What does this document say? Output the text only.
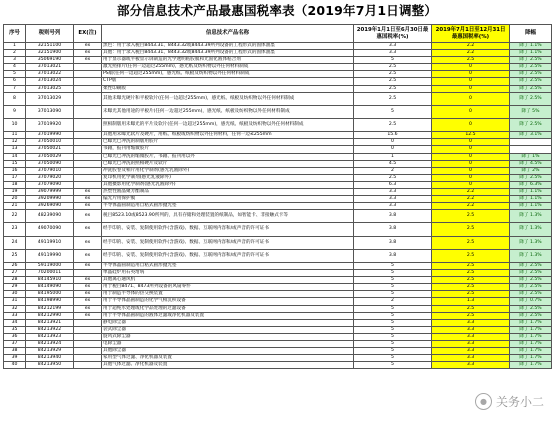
部分信息技术产品最惠国税率表（2019年7月1日调整）
序号	税则号列	EX(注)	信息技术产品名称	2019年1月1日至6月30日最惠国税率(%)	2019年7月1日至12月31日最惠国税率(%)	降幅
1	32151100	ex	黑色：用于录入税目8443.31、8443.32或8443.39所列设备的工程形式的固体油墨	3.3	2.2	降了 1.1%
2	32151900	ex	其他：用于录入税目8443.31、8443.32或8443.39所列设备的工程形式的固体油墨	3.3	2.2	降了 1.1%
3	35069190	ex	用于显示器或平板显示屏制造的光学透明粘胶膜和光固化液体粘合剂	5	2.5	降了 2.5%
4	37013021		激光照排片(任何一边超过255mm)，感光纸及纺织物以外任何材料制成	2.5	0	降了 2.5%
5	37013022		PS版(任何一边超过255mm)，感光纸、纸板及纺织物以外任何材料制成	2.5	0	降了 2.5%
6	37013024		CTP版	2.5	0	降了 2.5%
7	37013025		柔性印刷版	2.5	0	降了 2.5%
8	37013029		其他未曝光硬片和平板软片(任何一边超过255mm)，感光纸、纸板及纺织物以外任何材料制成	2.5	0	降了 2.5%
9	37013090		未曝光其他用途的平板片(任何一边超过255mm)，感光纸、纸板及纺织物以外任何材料制成	5	0	降了 5%
10	37019920		照相制版用未曝光的平片及软片(任何一边超过255mm)，感光纸、纸板及纺织物以外任何材料制成	2.5	0	降了 2.5%
11	37019990		其他用未曝光软片及硬片，用纸、纸板或纺织物以外任何材料，任何一边≤255mm	15.6	12.5	降了 3.1%
12	37050010		已曝光已冲洗的制版用胶片	0	0	
13	37050021		书籍，报刊用缩微胶片	0	0	
14	37050029		已曝光已冲洗的缩微胶片，书籍、报刊用以外	1	0	降了 1%
15	37050090		已曝光已冲洗的照相硬片及软片	4.5	0	降了 4.5%
16	37079010		冲洗胶卷及相片用化学制剂(感光乳液除外)	2	0	降了 2%
17	37079020		复印机用化学制剂(感光乳液除外)	2.5	0	降了 2.5%
18	37079090		其他摄影用化学制剂(感光乳液除外)	6.3	0	降了 6.3%
19	39079999	ex	热塑性液晶聚芳酯制品	3.3	2.2	降了 1.1%
20	39209990	ex	偏光片用保护膜	3.3	2.2	降了 1.1%
21	39269090	ex	半导体晶圆制造用自粘式圆形抛光垫	3.3	2.2	降了 1.1%
22	48239090	ex	税目8523.10或8523.90所列的，具有存储和处理装置的纸制品，如智能卡、非接触式卡等	3.8	2.5	降了 1.3%
23	49070090	ex	经手印的、安装、复制使用软件(含游戏)、数据、互联网内容和/或声音的许可证书	3.8	2.5	降了 1.3%
24	49119910	ex	经手印的、安装、复制使用软件(含游戏)、数据、互联网内容和/或声音的许可证书	3.8	2.5	降了 1.3%
25	49119990	ex	经手印的、安装、复制使用软件(含游戏)、数据、互联网内容和/或声音的许可证书	3.8	2.5	降了 1.3%
26	59119000	ex	半导体晶圆制造用自粘式圆形抛光垫	5	2.5	降了 2.5%
27	70200011		单晶硅炉用石英坩埚	5	2.5	降了 2.5%
28	84145910	ex	其他离心通风机	5	2.5	降了 2.5%
29	84149090	ex	用于税目8471、8473所列设备的风扇零件	5	2.5	降了 2.5%
30	84195000	ex	用于制造半导体的热交换装置	5	2.5	降了 2.5%
31	84198990	ex	用于半导体晶圆制造的化学气相沉积设备	2	1.3	降了 0.7%
32	84212199	ex	用于超纯水处理或化学品处理的过滤设备	5	2.5	降了 2.5%
33	84212990	ex	用于半导体晶圆制造的液体过滤或净化机器及装置	5	2.5	降了 2.5%
34	84213921		静电除尘器	5	3.3	降了 1.7%
35	84213922		袋式除尘器	5	3.3	降了 1.7%
36	84213923		旋风式除尘器	5	3.3	降了 1.7%
37	84213924		电除尘器	5	3.3	降了 1.7%
38	84213929		其他除尘器	5	3.3	降了 1.7%
39	84213940		家用型气体过滤、净化机器及装置	5	3.3	降了 1.7%
40	84213950		其他气体过滤、净化机器及装置	5	3.3	降了 1.7%
● 关务小二
